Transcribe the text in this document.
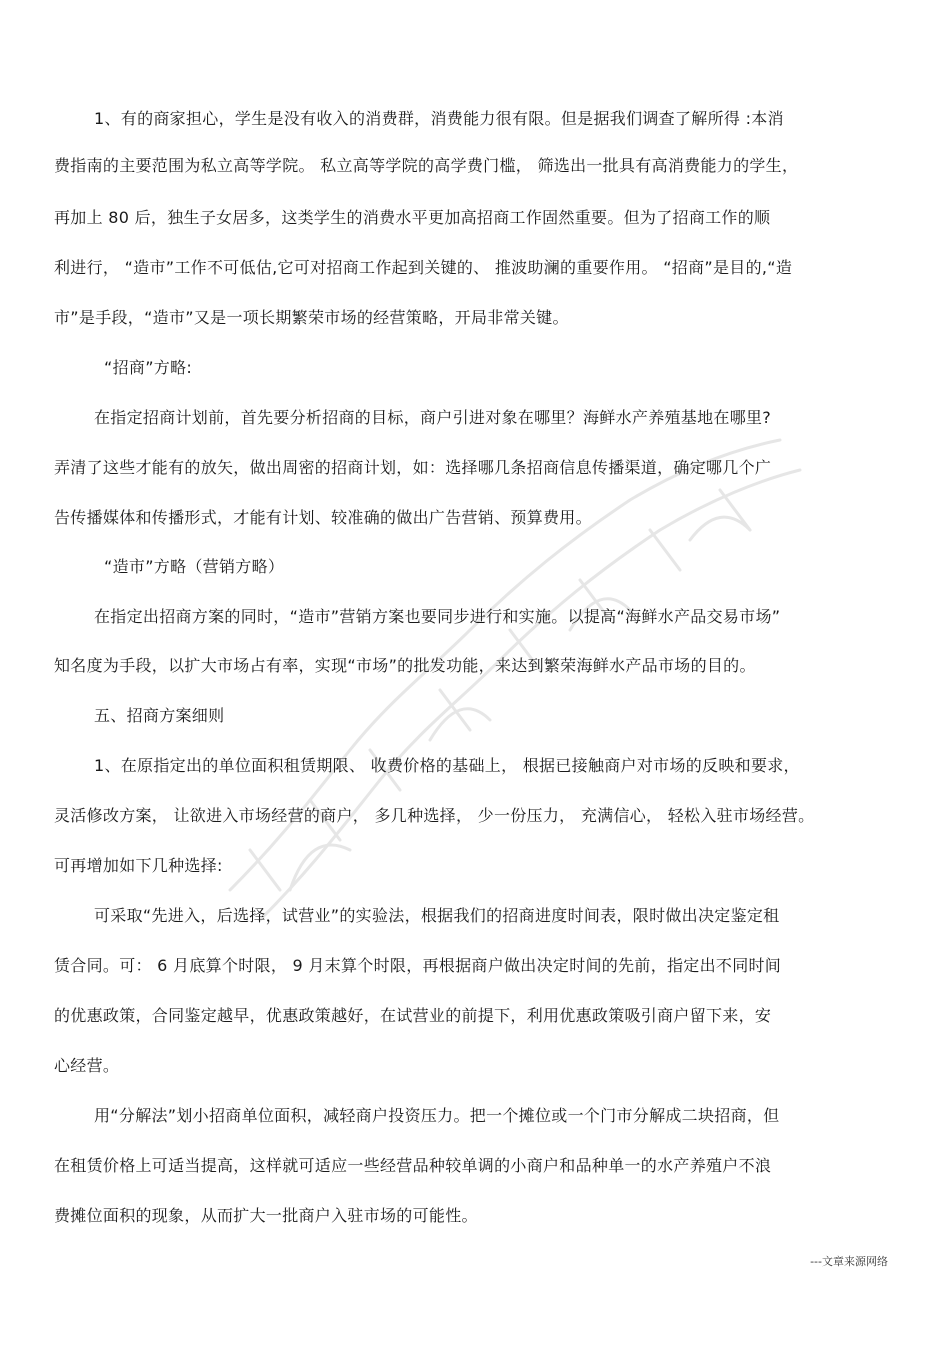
1、有的商家担心，学生是没有收入的消费群，消费能力很有限。但是据我们调查了解所得 :本消
费指南的主要范围为私立高等学院。 私立高等学院的高学费门槛， 筛选出一批具有高消费能力的学生，
再加上 80 后，独生子女居多，这类学生的消费水平更加高招商工作固然重要。但为了招商工作的顺
利进行， “造市”工作不可低估,它可对招商工作起到关键的、 推波助澜的重要作用。 “招商”是目的,“造
市”是手段，“造市”又是一项长期繁荣市场的经营策略，开局非常关键。
“招商”方略:
在指定招商计划前，首先要分析招商的目标，商户引进对象在哪里？海鲜水产养殖基地在哪里?
弄清了这些才能有的放矢，做出周密的招商计划，如：选择哪几条招商信息传播渠道，确定哪几个广
告传播媒体和传播形式，才能有计划、较准确的做出广告营销、预算费用。
“造市”方略（营销方略）
在指定出招商方案的同时，“造市”营销方案也要同步进行和实施。以提高“海鲜水产品交易市场”
知名度为手段，以扩大市场占有率，实现“市场”的批发功能，来达到繁荣海鲜水产品市场的目的。
五、招商方案细则
1、在原指定出的单位面积租赁期限、 收费价格的基础上， 根据已接触商户对市场的反映和要求，
灵活修改方案， 让欲进入市场经营的商户， 多几种选择， 少一份压力， 充满信心， 轻松入驻市场经营。
可再增加如下几种选择:
可采取“先进入，后选择，试营业”的实验法，根据我们的招商进度时间表，限时做出决定鉴定租
赁合同。可： 6 月底算个时限， 9 月末算个时限，再根据商户做出决定时间的先前，指定出不同时间
的优惠政策，合同鉴定越早，优惠政策越好，在试营业的前提下，利用优惠政策吸引商户留下来，安
心经营。
用“分解法”划小招商单位面积，减轻商户投资压力。把一个摊位或一个门市分解成二块招商，但
在租赁价格上可适当提高，这样就可适应一些经营品种较单调的小商户和品种单一的水产养殖户不浪
费摊位面积的现象，从而扩大一批商户入驻市场的可能性。
---文章来源网络
